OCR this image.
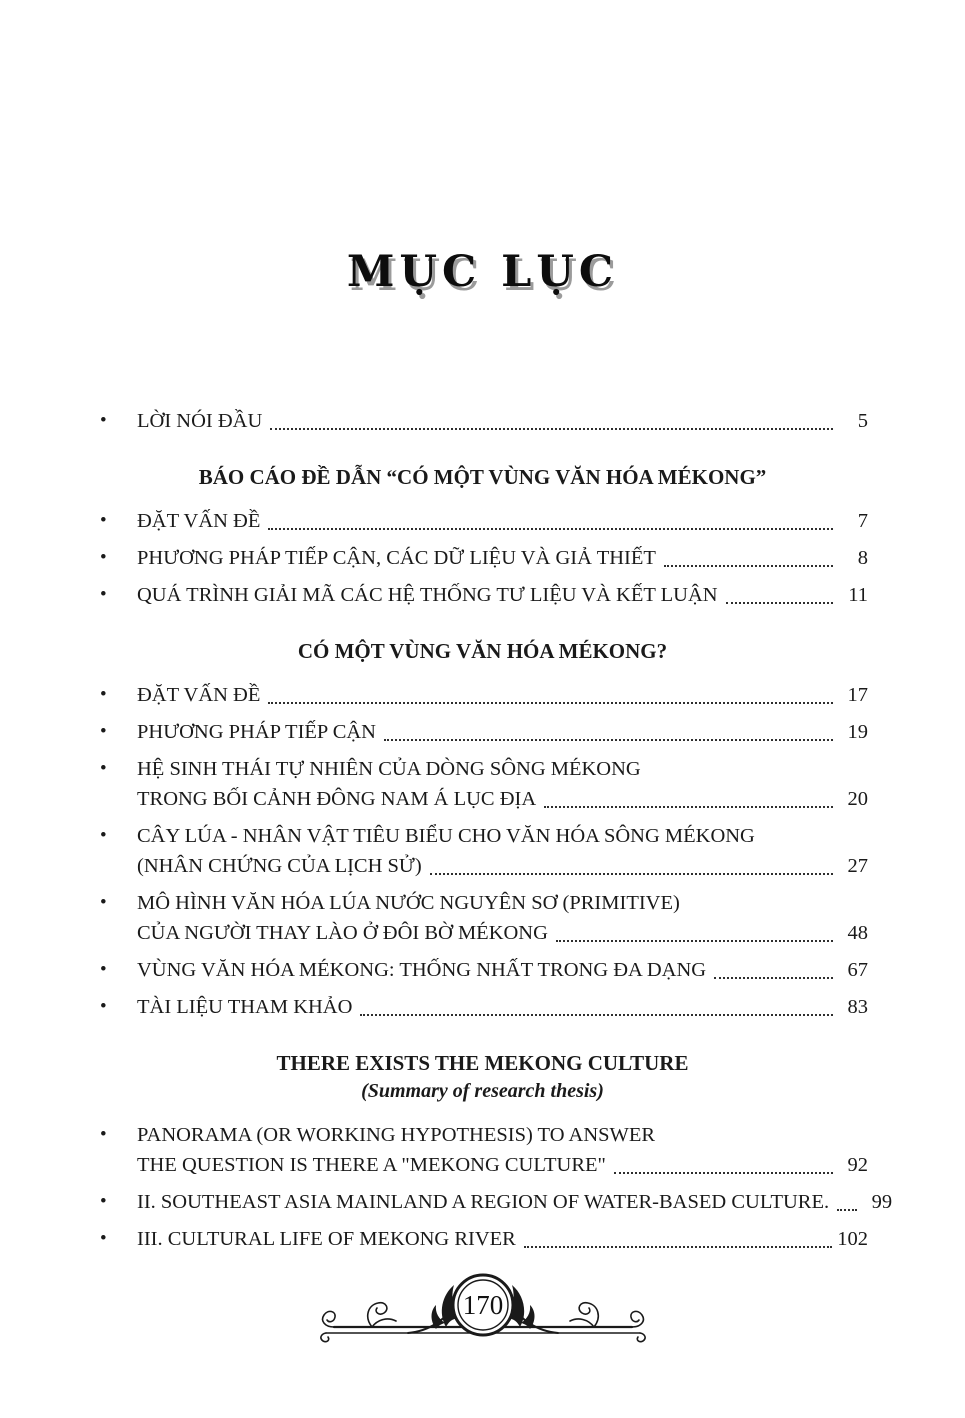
MỤC LỤC
•	LỜI NÓI ĐẦU	5
BÁO CÁO ĐỀ DẪN “CÓ MỘT VÙNG VĂN HÓA MÉKONG”
•	ĐẶT VẤN ĐỀ	7
•	PHƯƠNG PHÁP TIẾP CẬN, CÁC DỮ LIỆU VÀ GIẢ THIẾT	8
•	QUÁ TRÌNH GIẢI MÃ CÁC HỆ THỐNG TƯ LIỆU VÀ KẾT LUẬN	11
CÓ MỘT VÙNG VĂN HÓA MÉKONG?
•	ĐẶT VẤN ĐỀ	17
•	PHƯƠNG PHÁP TIẾP CẬN	19
•	HỆ SINH THÁI TỰ NHIÊN CỦA DÒNG SÔNG MÉKONG
TRONG BỐI CẢNH ĐÔNG NAM Á LỤC ĐỊA	20
•	CÂY LÚA - NHÂN VẬT TIÊU BIỂU CHO VĂN HÓA SÔNG MÉKONG
(NHÂN CHỨNG CỦA LỊCH SỬ)	27
•	MÔ HÌNH VĂN HÓA LÚA NƯỚC NGUYÊN SƠ (PRIMITIVE)
CỦA NGƯỜI THAY LÀO Ở ĐÔI BỜ MÉKONG	48
•	VÙNG VĂN HÓA MÉKONG: THỐNG NHẤT TRONG ĐA DẠNG	67
•	TÀI LIỆU THAM KHẢO	83
THERE EXISTS THE MEKONG CULTURE
(Summary of research thesis)
•	PANORAMA (OR WORKING HYPOTHESIS) TO ANSWER
THE QUESTION IS THERE A "MEKONG CULTURE"	92
•	II. SOUTHEAST ASIA MAINLAND A REGION OF WATER-BASED CULTURE.	99
•	III. CULTURAL LIFE OF MEKONG RIVER	102
170
